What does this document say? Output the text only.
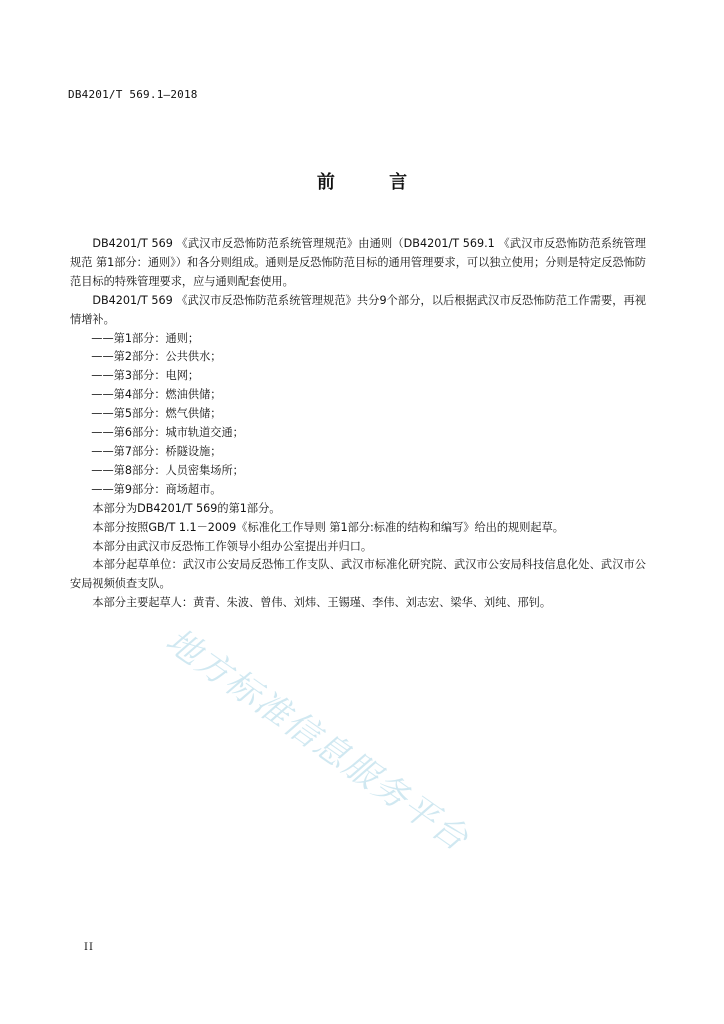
DB4201/T 569.1—2018
前 言

DB4201/T 569 《武汉市反恐怖防范系统管理规范》由通则（DB4201/T 569.1 《武汉市反恐怖防范系统管理规范 第1部分：通则》）和各分则组成。通则是反恐怖防范目标的通用管理要求，可以独立使用；分则是特定反恐怖防范目标的特殊管理要求，应与通则配套使用。

DB4201/T 569 《武汉市反恐怖防范系统管理规范》共分9个部分，以后根据武汉市反恐怖防范工作需要，再视情增补。

——第1部分：通则；

——第2部分：公共供水；

——第3部分：电网；

——第4部分：燃油供储；

——第5部分：燃气供储；

——第6部分：城市轨道交通；

——第7部分：桥隧设施；

——第8部分：人员密集场所；

——第9部分：商场超市。

本部分为DB4201/T 569的第1部分。

本部分按照GB/T 1.1－2009《标准化工作导则 第1部分:标准的结构和编写》给出的规则起草。

本部分由武汉市反恐怖工作领导小组办公室提出并归口。

本部分起草单位：武汉市公安局反恐怖工作支队、武汉市标准化研究院、武汉市公安局科技信息化处、武汉市公安局视频侦查支队。

本部分主要起草人：黄青、朱波、曾伟、刘炜、王锡瑾、李伟、刘志宏、梁华、刘纯、邢钊。

地方标准信息服务平台
II
